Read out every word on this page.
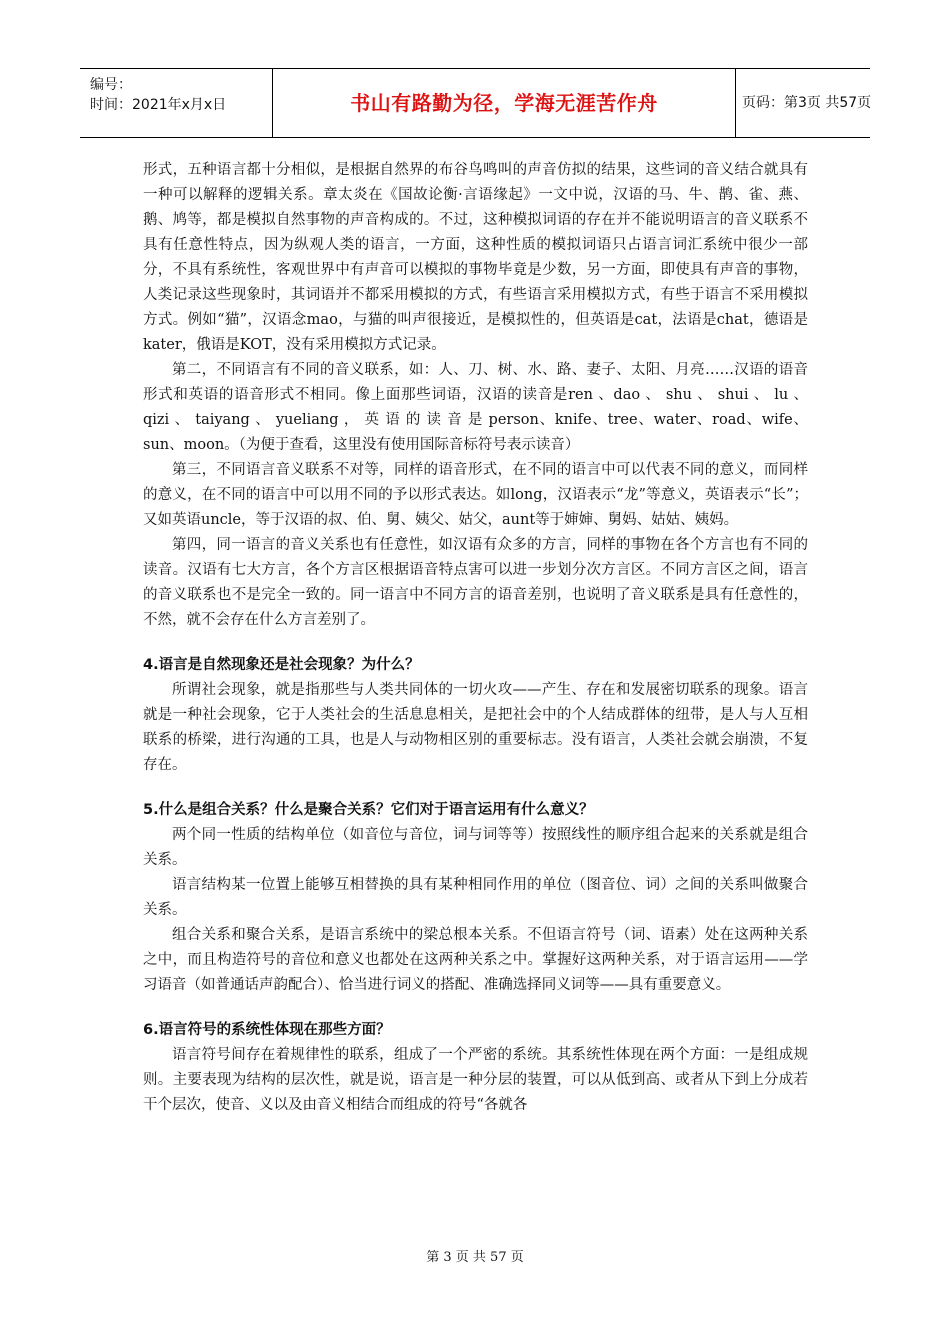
编号：
时间：2021年x月x日	书山有路勤为径，学海无涯苦作舟	页码：第3页 共57页

形式，五种语言都十分相似，是根据自然界的布谷鸟鸣叫的声音仿拟的结果，这些词的音义结合就具有一种可以解释的逻辑关系。章太炎在《国故论衡·言语缘起》一文中说，汉语的马、牛、鹊、雀、燕、鹅、鸠等，都是模拟自然事物的声音构成的。不过，这种模拟词语的存在并不能说明语言的音义联系不具有任意性特点，因为纵观人类的语言，一方面，这种性质的模拟词语只占语言词汇系统中很少一部分，不具有系统性，客观世界中有声音可以模拟的事物毕竟是少数，另一方面，即使具有声音的事物，人类记录这些现象时，其词语并不都采用模拟的方式，有些语言采用模拟方式，有些于语言不采用模拟方式。例如“猫”，汉语念mao，与猫的叫声很接近，是模拟性的，但英语是cat，法语是chat，德语是kater，俄语是KOT，没有采用模拟方式记录。

第二，不同语言有不同的音义联系，如：人、刀、树、水、路、妻子、太阳、月亮……汉语的语音形式和英语的语音形式不相同。像上面那些词语，汉语的读音是ren 、dao 、 shu 、 shui 、 lu 、 qizi 、 taiyang 、 yueliang ， 英 语 的 读 音 是 person、knife、tree、water、road、wife、sun、moon。（为便于查看，这里没有使用国际音标符号表示读音）

第三，不同语言音义联系不对等，同样的语音形式，在不同的语言中可以代表不同的意义，而同样的意义，在不同的语言中可以用不同的予以形式表达。如long，汉语表示“龙”等意义，英语表示“长”；又如英语uncle，等于汉语的叔、伯、舅、姨父、姑父，aunt等于婶婶、舅妈、姑姑、姨妈。

第四，同一语言的音义关系也有任意性，如汉语有众多的方言，同样的事物在各个方言也有不同的读音。汉语有七大方言，各个方言区根据语音特点害可以进一步划分次方言区。不同方言区之间，语言的音义联系也不是完全一致的。同一语言中不同方言的语音差别，也说明了音义联系是具有任意性的，不然，就不会存在什么方言差别了。

4.语言是自然现象还是社会现象？为什么？

所谓社会现象，就是指那些与人类共同体的一切火攻——产生、存在和发展密切联系的现象。语言就是一种社会现象，它于人类社会的生活息息相关，是把社会中的个人结成群体的纽带，是人与人互相联系的桥梁，进行沟通的工具，也是人与动物相区别的重要标志。没有语言，人类社会就会崩溃，不复存在。

5.什么是组合关系？什么是聚合关系？它们对于语言运用有什么意义？

两个同一性质的结构单位（如音位与音位，词与词等等）按照线性的顺序组合起来的关系就是组合关系。

语言结构某一位置上能够互相替换的具有某种相同作用的单位（图音位、词）之间的关系叫做聚合关系。

组合关系和聚合关系，是语言系统中的梁总根本关系。不但语言符号（词、语素）处在这两种关系之中，而且构造符号的音位和意义也都处在这两种关系之中。掌握好这两种关系，对于语言运用——学习语音（如普通话声韵配合）、恰当进行词义的搭配、准确选择同义词等——具有重要意义。

6.语言符号的系统性体现在那些方面？

语言符号间存在着规律性的联系，组成了一个严密的系统。其系统性体现在两个方面：一是组成规则。主要表现为结构的层次性，就是说，语言是一种分层的装置，可以从低到高、或者从下到上分成若干个层次，使音、义以及由音义相结合而组成的符号“各就各

第 3 页 共 57 页
